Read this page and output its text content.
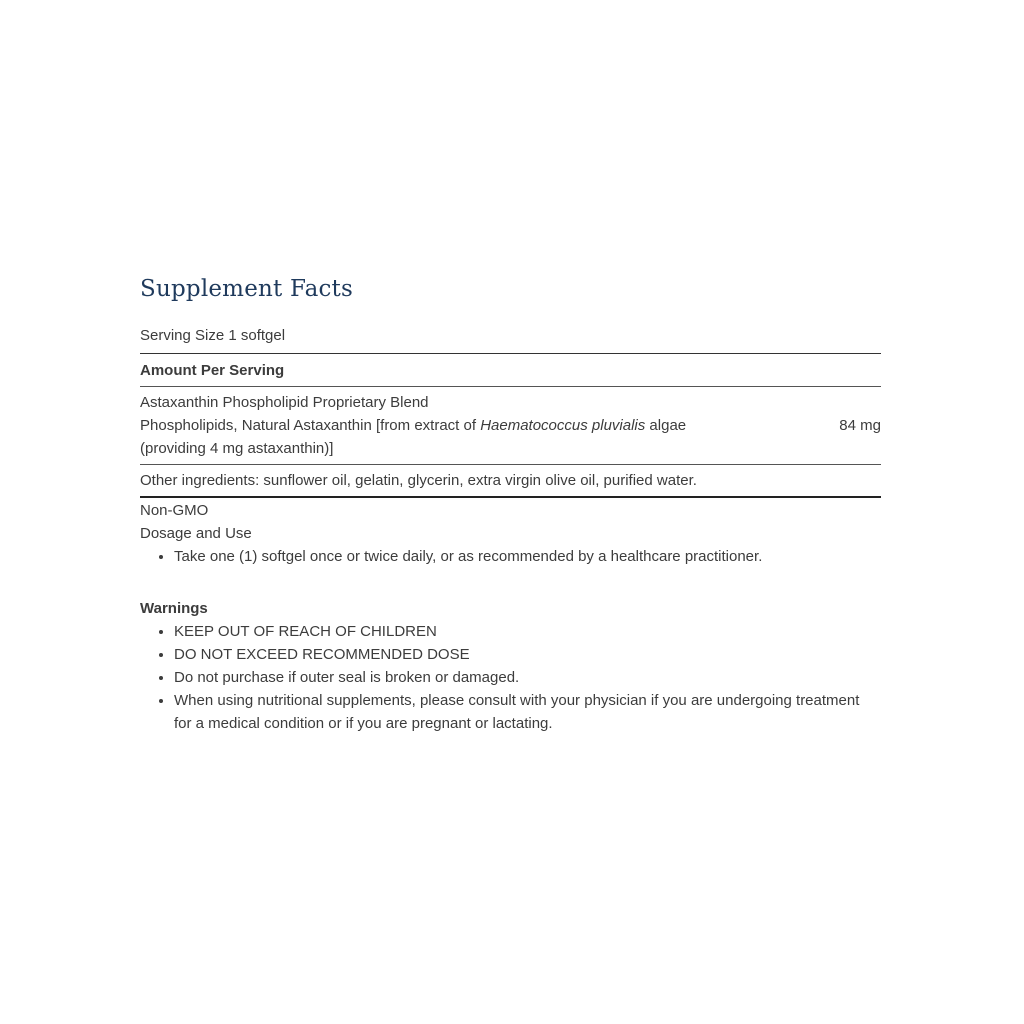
Supplement Facts
Serving Size 1 softgel
Amount Per Serving
Astaxanthin Phospholipid Proprietary Blend
Phospholipids, Natural Astaxanthin [from extract of Haematococcus pluvialis algae	84 mg
(providing 4 mg astaxanthin)]
Other ingredients: sunflower oil, gelatin, glycerin, extra virgin olive oil, purified water.
Non-GMO
Dosage and Use
• Take one (1) softgel once or twice daily, or as recommended by a healthcare practitioner.
Warnings
• KEEP OUT OF REACH OF CHILDREN
• DO NOT EXCEED RECOMMENDED DOSE
• Do not purchase if outer seal is broken or damaged.
• When using nutritional supplements, please consult with your physician if you are undergoing treatment for a medical condition or if you are pregnant or lactating.
